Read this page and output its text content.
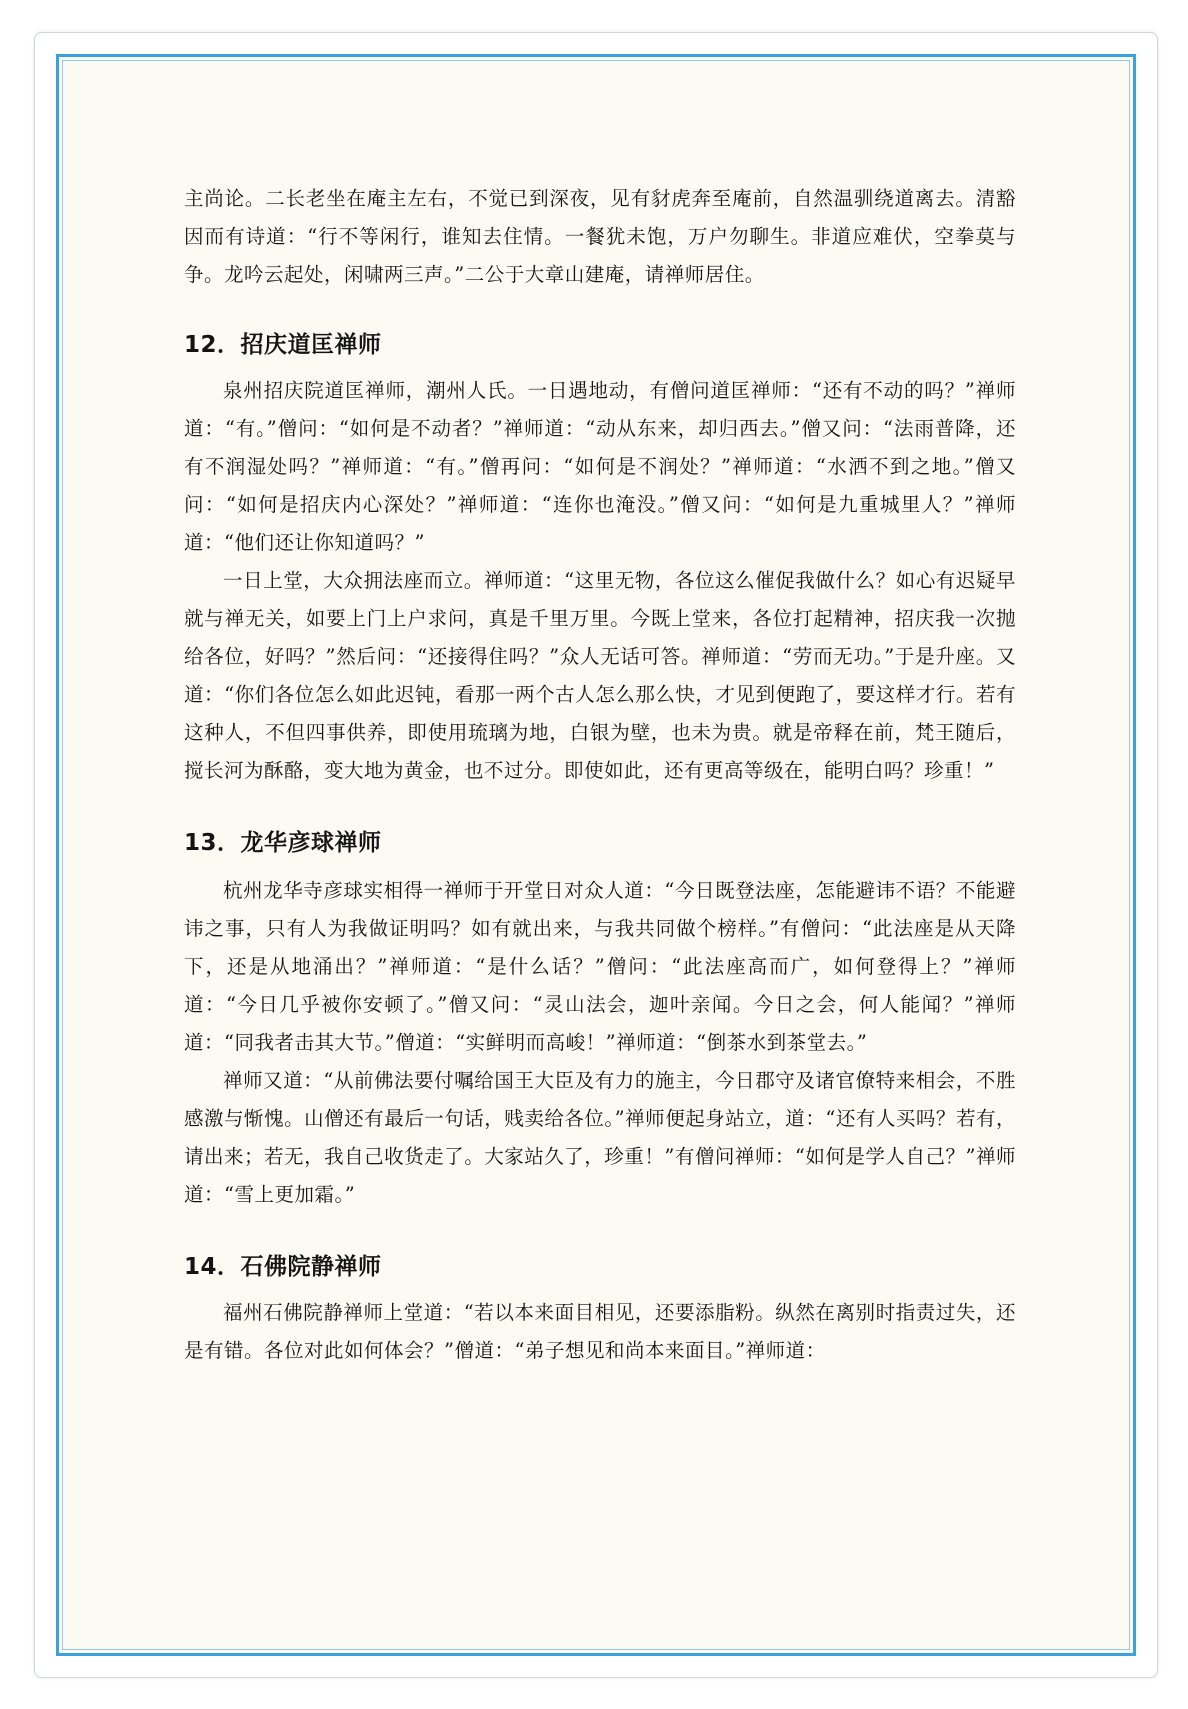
主尚论。二长老坐在庵主左右，不觉已到深夜，见有豺虎奔至庵前，自然温驯绕道离去。清豁因而有诗道：“行不等闲行，谁知去住情。一餐犹未饱，万户勿聊生。非道应难伏，空拳莫与争。龙吟云起处，闲啸两三声。”二公于大章山建庵，请禅师居住。

12．招庆道匡禅师

泉州招庆院道匡禅师，潮州人氏。一日遇地动，有僧问道匡禅师：“还有不动的吗？”禅师道：“有。”僧问：“如何是不动者？”禅师道：“动从东来，却归西去。”僧又问：“法雨普降，还有不润湿处吗？”禅师道：“有。”僧再问：“如何是不润处？”禅师道：“水洒不到之地。”僧又问：“如何是招庆内心深处？”禅师道：“连你也淹没。”僧又问：“如何是九重城里人？”禅师道：“他们还让你知道吗？”

一日上堂，大众拥法座而立。禅师道：“这里无物，各位这么催促我做什么？如心有迟疑早就与禅无关，如要上门上户求问，真是千里万里。今既上堂来，各位打起精神，招庆我一次抛给各位，好吗？”然后问：“还接得住吗？”众人无话可答。禅师道：“劳而无功。”于是升座。又道：“你们各位怎么如此迟钝，看那一两个古人怎么那么快，才见到便跑了，要这样才行。若有这种人，不但四事供养，即使用琉璃为地，白银为壁，也未为贵。就是帝释在前，梵王随后，搅长河为酥酪，变大地为黄金，也不过分。即使如此，还有更高等级在，能明白吗？珍重！”

13．龙华彦球禅师

杭州龙华寺彦球实相得一禅师于开堂日对众人道：“今日既登法座，怎能避讳不语？不能避讳之事，只有人为我做证明吗？如有就出来，与我共同做个榜样。”有僧问：“此法座是从天降下，还是从地涌出？”禅师道：“是什么话？”僧问：“此法座高而广，如何登得上？”禅师道：“今日几乎被你安顿了。”僧又问：“灵山法会，迦叶亲闻。今日之会，何人能闻？”禅师道：“同我者击其大节。”僧道：“实鲜明而高峻！”禅师道：“倒茶水到茶堂去。”

禅师又道：“从前佛法要付嘱给国王大臣及有力的施主，今日郡守及诸官僚特来相会，不胜感激与惭愧。山僧还有最后一句话，贱卖给各位。”禅师便起身站立，道：“还有人买吗？若有，请出来；若无，我自己收货走了。大家站久了，珍重！”有僧问禅师：“如何是学人自己？”禅师道：“雪上更加霜。”

14．石佛院静禅师

福州石佛院静禅师上堂道：“若以本来面目相见，还要添脂粉。纵然在离别时指责过失，还是有错。各位对此如何体会？”僧道：“弟子想见和尚本来面目。”禅师道：
